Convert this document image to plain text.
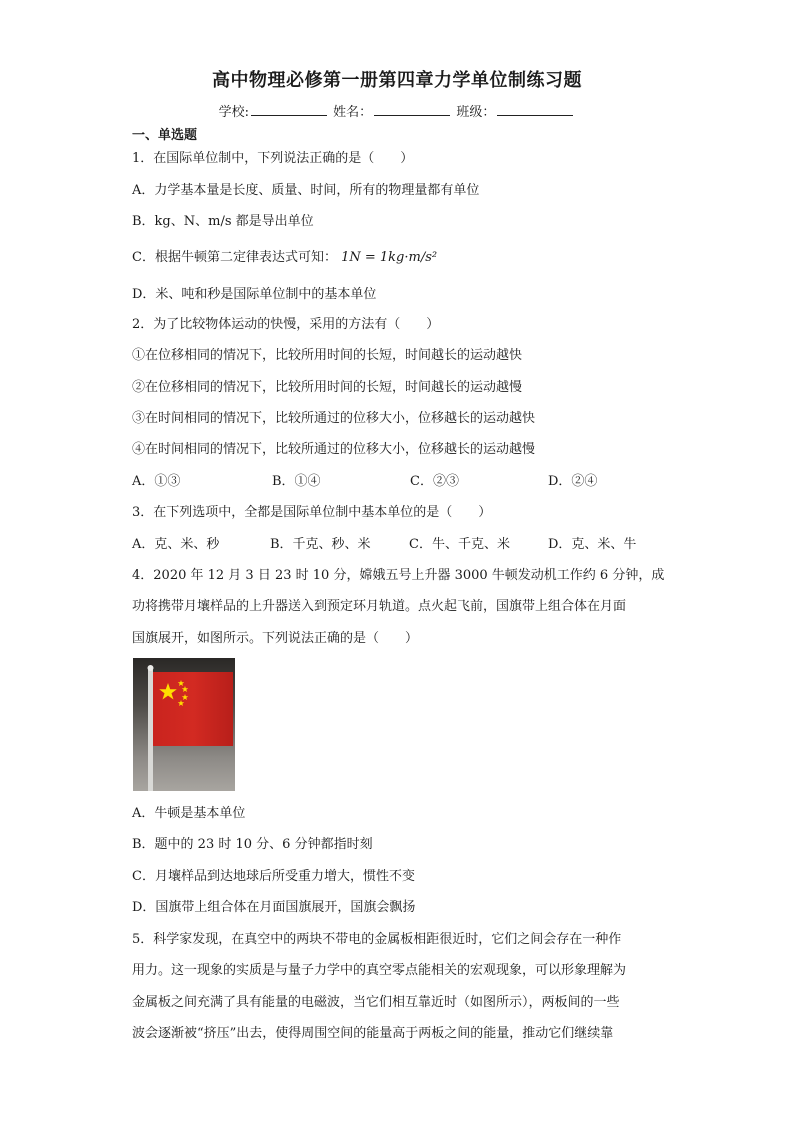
高中物理必修第一册第四章力学单位制练习题
学校:	姓名：	班级：
一、单选题
1．在国际单位制中，下列说法正确的是（　　）
A．力学基本量是长度、质量、时间，所有的物理量都有单位
B．kg、N、m/s 都是导出单位
C．根据牛顿第二定律表达式可知： 1N = 1kg·m/s²
D．米、吨和秒是国际单位制中的基本单位
2．为了比较物体运动的快慢，采用的方法有（　　）
①在位移相同的情况下，比较所用时间的长短，时间越长的运动越快
②在位移相同的情况下，比较所用时间的长短，时间越长的运动越慢
③在时间相同的情况下，比较所通过的位移大小，位移越长的运动越快
④在时间相同的情况下，比较所通过的位移大小，位移越长的运动越慢
A．①③	B．①④	C．②③	D．②④
3．在下列选项中，全都是国际单位制中基本单位的是（　　）
A．克、米、秒	B．千克、秒、米	C．牛、千克、米	D．克、米、牛
4．2020 年 12 月 3 日 23 时 10 分，嫦娥五号上升器 3000 牛顿发动机工作约 6 分钟，成
功将携带月壤样品的上升器送入到预定环月轨道。点火起飞前，国旗带上组合体在月面
国旗展开，如图所示。下列说法正确的是（　　）
A．牛顿是基本单位
B．题中的 23 时 10 分、6 分钟都指时刻
C．月壤样品到达地球后所受重力增大，惯性不变
D．国旗带上组合体在月面国旗展开，国旗会飘扬
5．科学家发现，在真空中的两块不带电的金属板相距很近时，它们之间会存在一种作
用力。这一现象的实质是与量子力学中的真空零点能相关的宏观现象，可以形象理解为
金属板之间充满了具有能量的电磁波，当它们相互靠近时（如图所示），两板间的一些
波会逐渐被“挤压”出去，使得周围空间的能量高于两板之间的能量，推动它们继续靠
